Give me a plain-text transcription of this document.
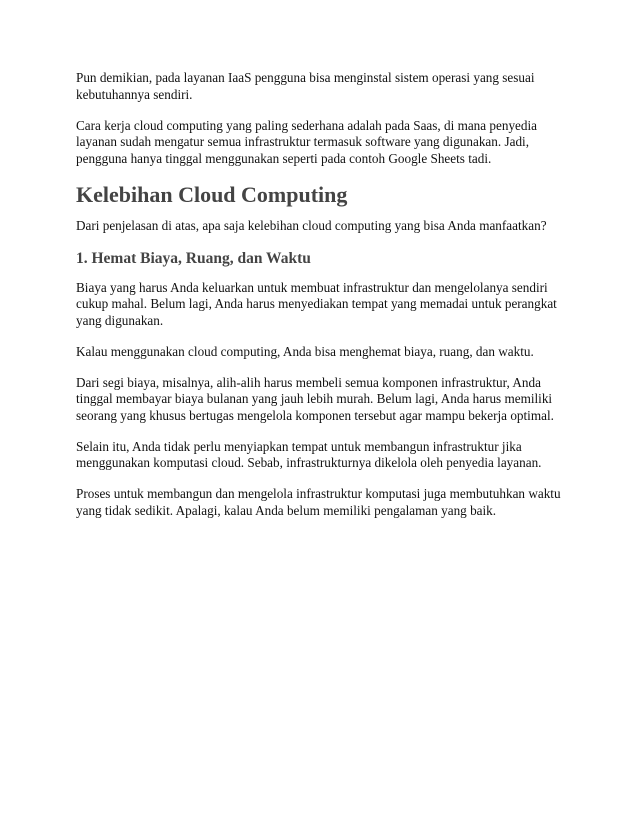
Pun demikian, pada layanan IaaS pengguna bisa menginstal sistem operasi yang sesuai kebutuhannya sendiri.

Cara kerja cloud computing yang paling sederhana adalah pada Saas, di mana penyedia layanan sudah mengatur semua infrastruktur termasuk software yang digunakan. Jadi, pengguna hanya tinggal menggunakan seperti pada contoh Google Sheets tadi.

Kelebihan Cloud Computing

Dari penjelasan di atas, apa saja kelebihan cloud computing yang bisa Anda manfaatkan?

1. Hemat Biaya, Ruang, dan Waktu

Biaya yang harus Anda keluarkan untuk membuat infrastruktur dan mengelolanya sendiri cukup mahal. Belum lagi, Anda harus menyediakan tempat yang memadai untuk perangkat yang digunakan.

Kalau menggunakan cloud computing, Anda bisa menghemat biaya, ruang, dan waktu.

Dari segi biaya, misalnya, alih-alih harus membeli semua komponen infrastruktur, Anda tinggal membayar biaya bulanan yang jauh lebih murah. Belum lagi, Anda harus memiliki seorang yang khusus bertugas mengelola komponen tersebut agar mampu bekerja optimal.

Selain itu, Anda tidak perlu menyiapkan tempat untuk membangun infrastruktur jika menggunakan komputasi cloud. Sebab, infrastrukturnya dikelola oleh penyedia layanan.

Proses untuk membangun dan mengelola infrastruktur komputasi juga membutuhkan waktu yang tidak sedikit. Apalagi, kalau Anda belum memiliki pengalaman yang baik.
